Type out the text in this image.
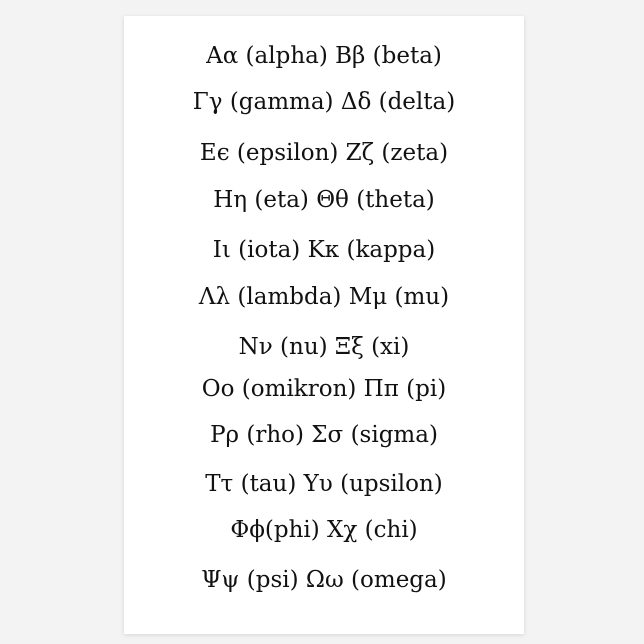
Aα (alpha) Bβ (beta)
Γγ (gamma) Δδ (delta)
Eϵ (epsilon) Zζ (zeta)
Hη (eta) Θθ (theta)
Iι (iota) Kκ (kappa)
Λλ (lambda) Mμ (mu)
Nν (nu) Ξξ (xi)
Oo (omikron) Ππ (pi)
Pρ (rho) Σσ (sigma)
Tτ (tau) Υυ (upsilon)
Φϕ(phi) Xχ (chi)
Ψψ (psi) Ωω (omega)
